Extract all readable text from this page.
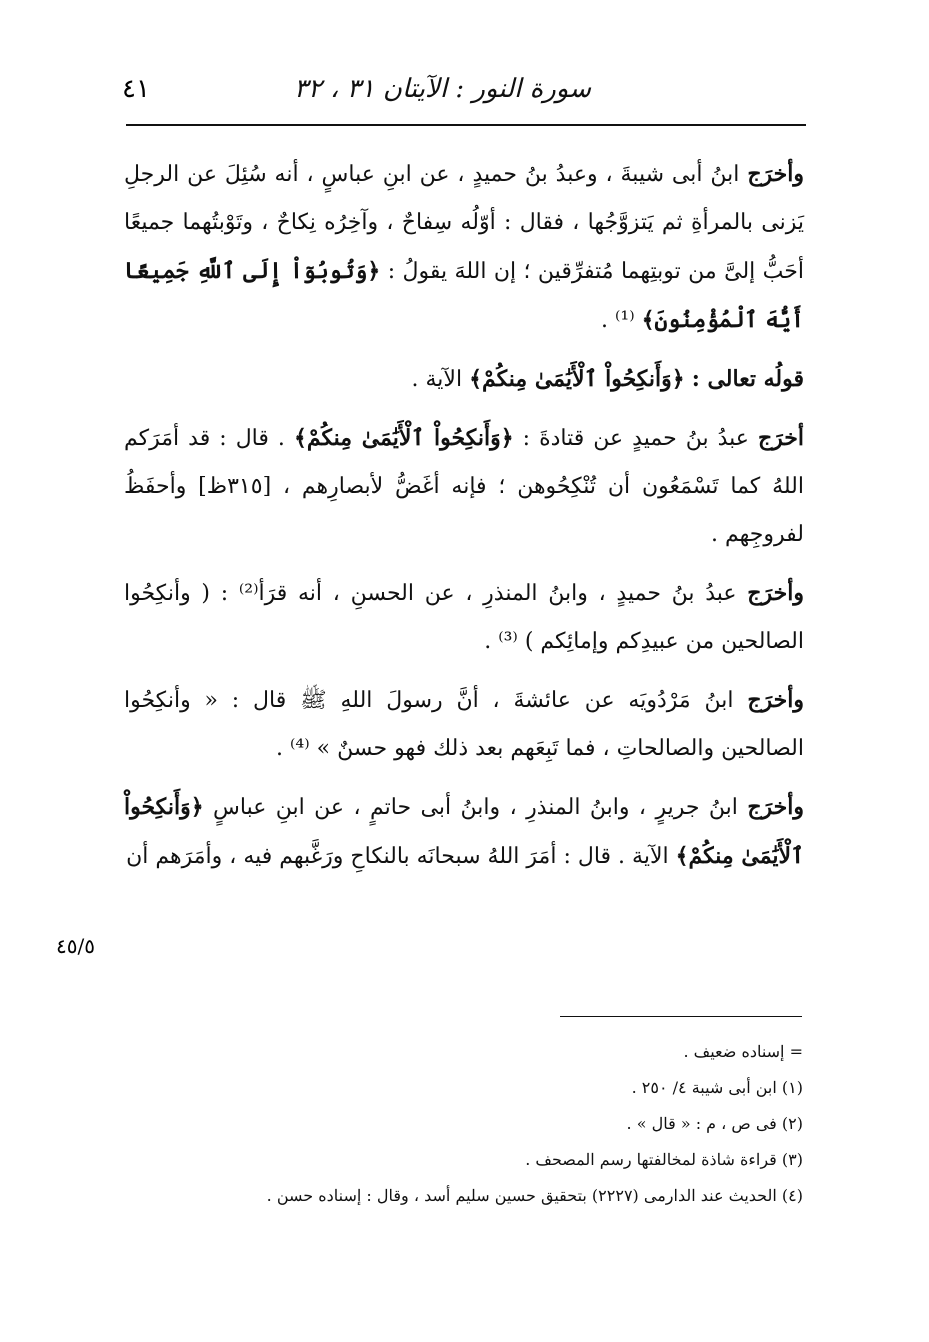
٤١	سورة النور : الآيتان ٣١ ، ٣٢

وأخرَج ابنُ أبى شيبةَ ، وعبدُ بنُ حميدٍ ، عن ابنِ عباسٍ ، أنه سُئِلَ عن الرجلِ يَزنى بالمرأةِ ثم يَتزوَّجُها ، فقال : أوّلُه سِفاحٌ ، وآخِرُه نِكاحٌ ، وتَوْبتُهما جميعًا أحَبُّ إلىَّ من توبتِهما مُتفرِّقين ؛ إن اللهَ يقولُ : ﴿وَتُوبُوٓاْ إِلَى ٱللَّهِ جَمِيعًا أَيُّهَ ٱلْمُؤْمِنُونَ﴾ ⁽¹⁾ .

قولُه تعالى : ﴿وَأَنكِحُواْ ٱلْأَيَٰمَىٰ مِنكُمْ﴾ الآية .

أخرَج عبدُ بنُ حميدٍ عن قتادةَ : ﴿وَأَنكِحُواْ ٱلْأَيَٰمَىٰ مِنكُمْ﴾ . قال : قد أمَرَكم اللهُ كما تَسْمَعُون أن تُنْكِحُوهن ؛ فإنه أغَضُّ لأبصارِهم ، [٣١٥ظ] وأحفَظُ لفروجِهم .

وأخرَج عبدُ بنُ حميدٍ ، وابنُ المنذرِ ، عن الحسنِ ، أنه قرَأ⁽²⁾ : ( وأنكِحُوا الصالحين من عبيدِكم وإمائِكم ) ⁽³⁾ .

وأخرَج ابنُ مَرْدُويَه عن عائشةَ ، أنَّ رسولَ اللهِ ﷺ قال : « وأنكِحُوا الصالحين والصالحاتِ ، فما تَبِعَهم بعد ذلك فهو حسنٌ » ⁽⁴⁾ .

وأخرَج ابنُ جريرٍ ، وابنُ المنذرِ ، وابنُ أبى حاتمٍ ، عن ابنِ عباسٍ ﴿وَأَنكِحُواْ ٱلْأَيَٰمَىٰ مِنكُمْ﴾ الآية . قال : أمَرَ اللهُ سبحانَه بالنكاحِ ورَغَّبهم فيه ، وأمَرَهم أن

٤٥/٥

= إسناده ضعيف .

(١) ابن أبى شيبة ٤/ ٢٥٠ .

(٢) فى ص ، م : « قال » .

(٣) قراءة شاذة لمخالفتها رسم المصحف .

(٤) الحديث عند الدارمى (٢٢٢٧) بتحقيق حسين سليم أسد ، وقال : إسناده حسن .
